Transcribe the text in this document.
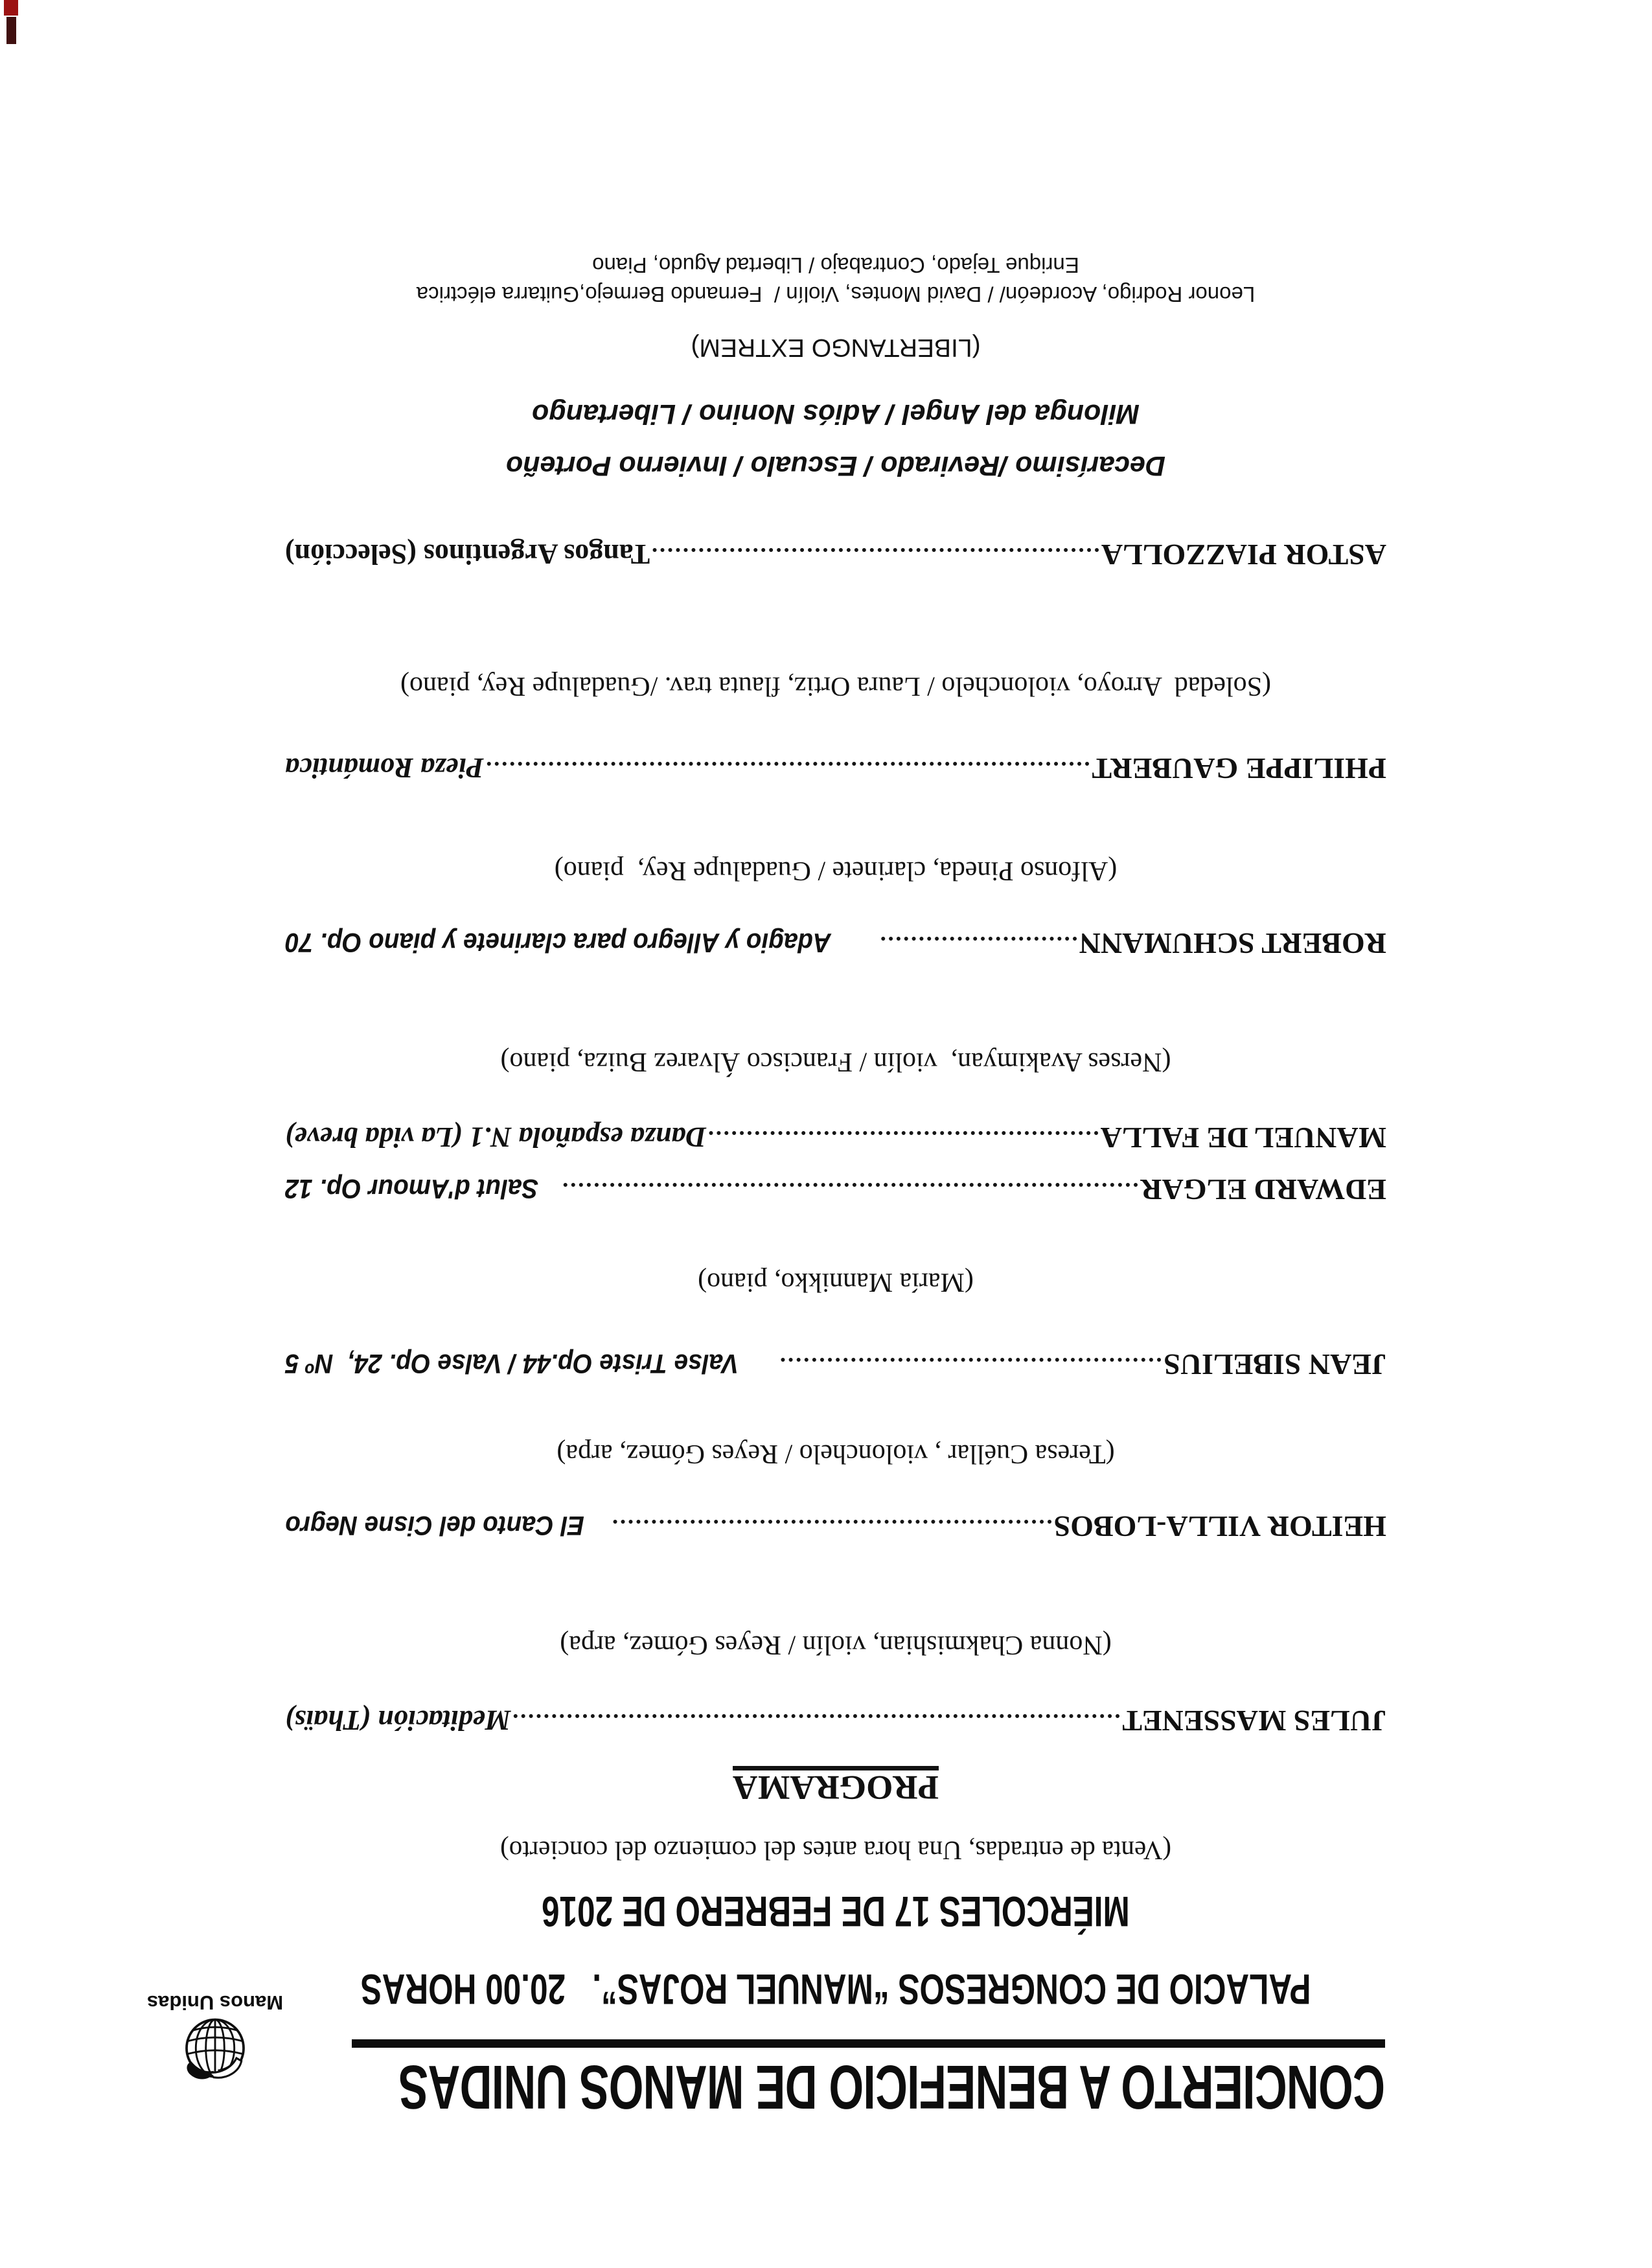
CONCIERTO A BENEFICIO DE MANOS UNIDAS
Manos Unidas	PALACIO DE CONGRESOS “MANUEL ROJAS”.   20.00 HORAS
MIÉRCOLES 17 DE FEBRERO DE 2016
(Venta de entradas, Una hora antes del comienzo del concierto)
PROGRAMA
JULES MASSENET
Meditación (Thaïs)
(Nonna Chakmishian, violín / Reyes Gómez, arpa)
HEITOR VILLA-LOBOS
El Canto del Cisne Negro
(Teresa Cuéllar , violonchelo / Reyes Gómez, arpa)
JEAN SIBELIUS
Valse Triste Op.44 / Valse Op. 24,  Nº 5
(María Mannikko, piano)
EDWARD ELGAR
Salut d'Amour Op. 12
MANUEL DE FALLA
Danza española N.1 (La vida breve)
(Nerses Avakimyan,  violín / Francisco Álvarez Buiza, piano)
ROBERT SCHUMANN
Adagio y Allegro para clarinete y piano Op. 70
(Alfonso Pineda, clarinete / Guadalupe Rey,  piano)
PHILIPPE GAUBERT
Pieza Romántica
(Soledad  Arroyo, violonchelo / Laura Ortiz, flauta trav. /Guadalupe Rey, piano)
ASTOR PIAZZOLLA
Tangos Argentinos (Selección)
Decarísimo /Revirado / Escualo / Invierno Porteño
Milonga del Angel / Adiós Nonino / Libertango
(LIBERTANGO EXTREM)
Leonor Rodrigo, Acordeón/ / David Montes, Violín /  Fernando Bermejo,Guitarra eléctrica
Enrique Tejado, Contrabajo / Libertad Agudo, Piano
